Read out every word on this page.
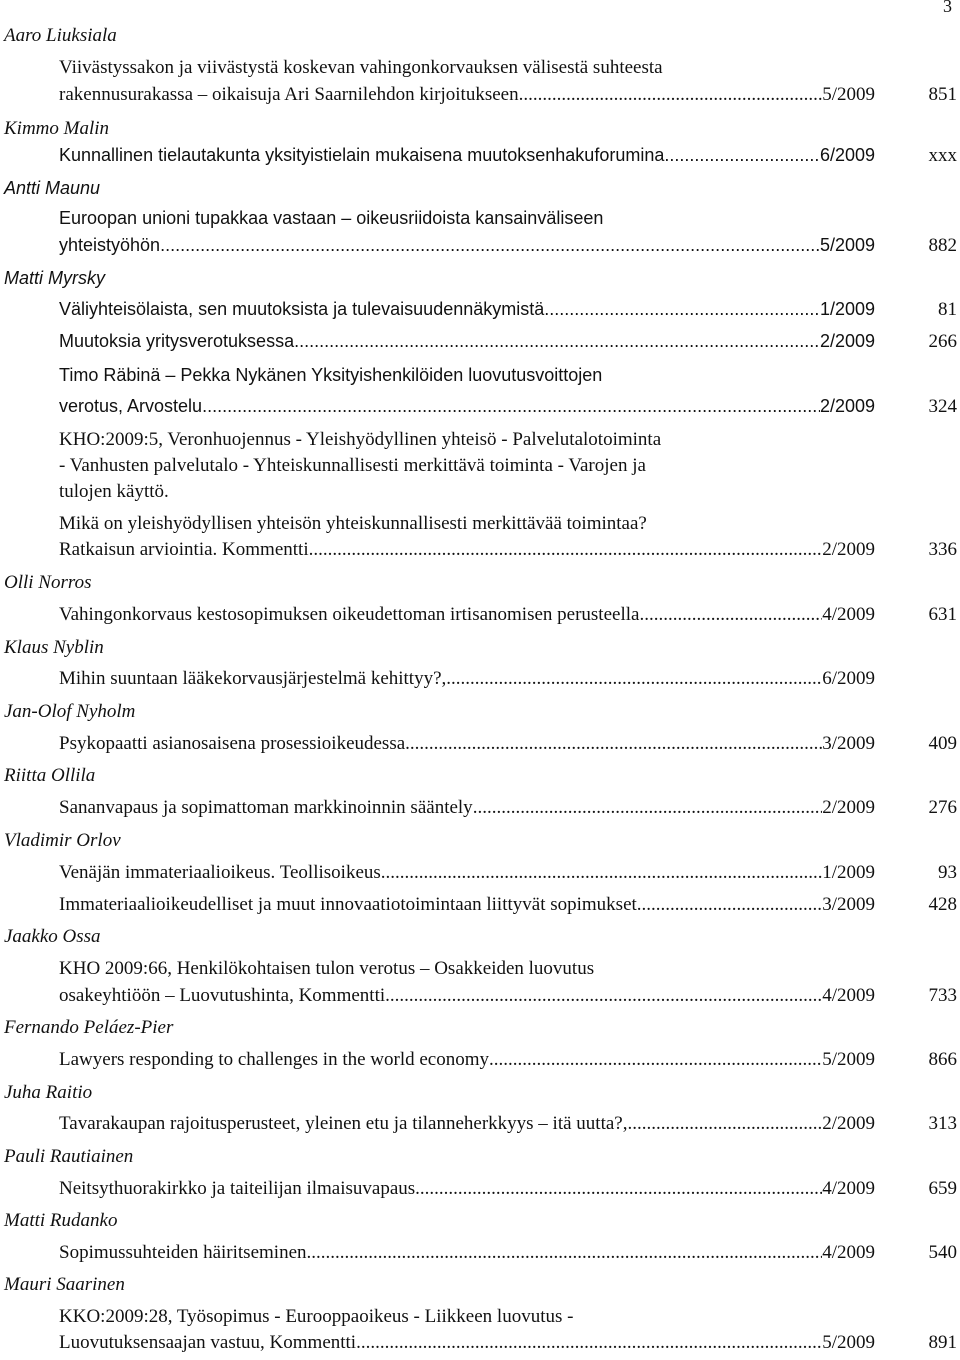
3
Aaro Liuksiala
Viivästyssakon ja viivästystä koskevan vahingonkorvauksen välisestä suhteesta
rakennusurakassa – oikaisuja Ari Saarnilehdon kirjoitukseen .....	5/2009	851
Kimmo Malin
Kunnallinen tielautakunta yksityistielain mukaisena muutoksenhakuforumina .....	6/2009	xxx
Antti Maunu
Euroopan unioni tupakkaa vastaan – oikeusriidoista kansainväliseen
yhteistyöhön .....	5/2009	882
Matti Myrsky
Väliyhteisölaista, sen muutoksista ja tulevaisuudennäkymistä .....	1/2009	81
Muutoksia yritysverotuksessa .....	2/2009	266
Timo Räbinä – Pekka Nykänen Yksityishenkilöiden luovutusvoittojen
verotus, Arvostelu .....	2/2009	324
KHO:2009:5, Veronhuojennus - Yleishyödyllinen yhteisö - Palvelutalotoiminta
- Vanhusten palvelutalo - Yhteiskunnallisesti merkittävä toiminta - Varojen ja
tulojen käyttö.
Mikä on yleishyödyllisen yhteisön yhteiskunnallisesti merkittävää toimintaa?
Ratkaisun arviointia. Kommentti .....	2/2009	336
Olli Norros
Vahingonkorvaus kestosopimuksen oikeudettoman irtisanomisen perusteella .....	4/2009	631
Klaus Nyblin
Mihin suuntaan lääkekorvausjärjestelmä kehittyy?, .....	6/2009
Jan-Olof Nyholm
Psykopaatti asianosaisena prosessioikeudessa .....	3/2009	409
Riitta Ollila
Sananvapaus ja sopimattoman markkinoinnin sääntely .....	2/2009	276
Vladimir Orlov
Venäjän immateriaalioikeus. Teollisoikeus .....	1/2009	93
Immateriaalioikeudelliset ja muut innovaatiotoimintaan liittyvät sopimukset .....	3/2009	428
Jaakko Ossa
KHO 2009:66, Henkilökohtaisen tulon verotus – Osakkeiden luovutus
osakeyhtiöön – Luovutushinta, Kommentti .....	4/2009	733
Fernando Peláez-Pier
Lawyers responding to challenges in the world economy .....	5/2009	866
Juha Raitio
Tavarakaupan rajoitusperusteet, yleinen etu ja tilanneherkkyys – itä uutta?, .....	2/2009	313
Pauli Rautiainen
Neitsythuorakirkko ja taiteilijan ilmaisuvapaus .....	4/2009	659
Matti Rudanko
Sopimussuhteiden häiritseminen .....	4/2009	540
Mauri Saarinen
KKO:2009:28, Työsopimus - Eurooppaoikeus - Liikkeen luovutus -
Luovutuksensaajan vastuu, Kommentti .....	5/2009	891
